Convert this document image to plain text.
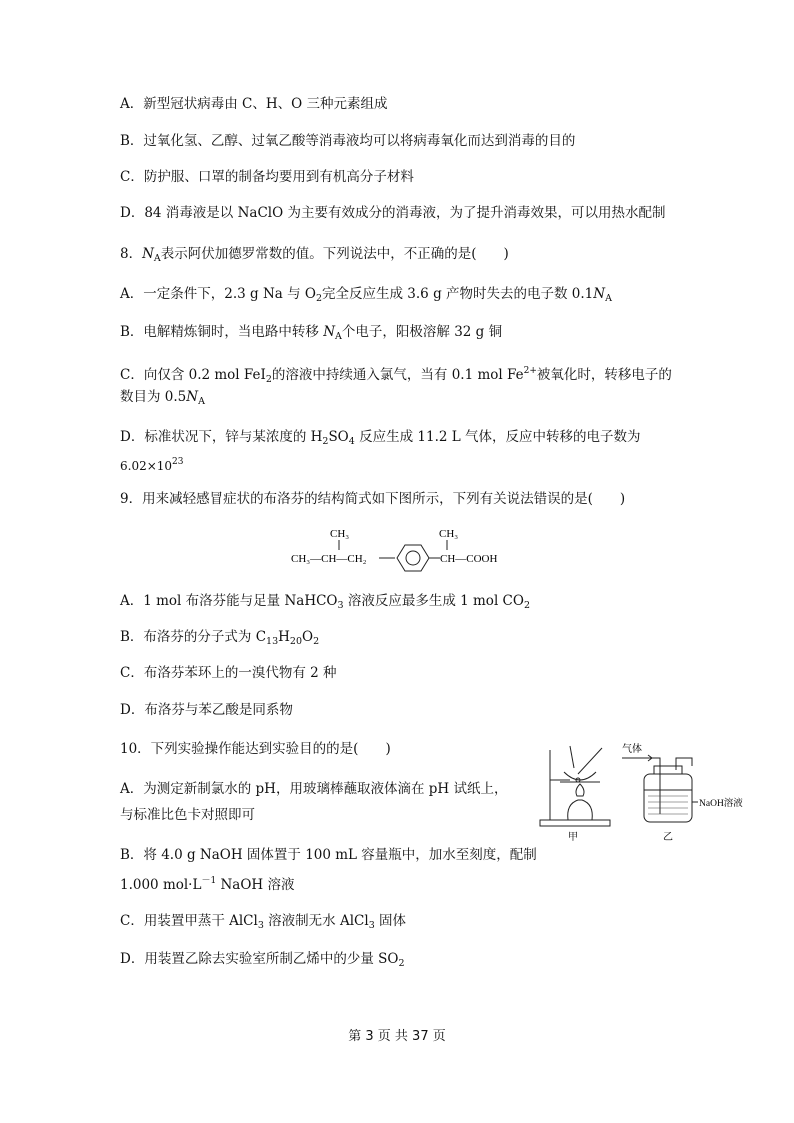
A．新型冠状病毒由 C、H、O 三种元素组成
B．过氧化氢、乙醇、过氧乙酸等消毒液均可以将病毒氧化而达到消毒的目的
C．防护服、口罩的制备均要用到有机高分子材料
D．84 消毒液是以 NaClO 为主要有效成分的消毒液，为了提升消毒效果，可以用热水配制
8．$N_A$表示阿伏加德罗常数的值。下列说法中，不正确的是(　　)
A．一定条件下，2.3 g Na 与 $O_2$完全反应生成 3.6 g 产物时失去的电子数 $0.1N_A$
B．电解精炼铜时，当电路中转移 $N_A$个电子，阳极溶解 32 g 铜
C．向仅含 0.2 mol FeI$_2$的溶液中持续通入氯气，当有 0.1 mol $Fe^{2+}$被氧化时，转移电子的
数目为 $0.5N_A$
D．标准状况下，锌与某浓度的 $H_2SO_4$ 反应生成 11.2 L 气体，反应中转移的电子数为
$6.02\times 10^{23}$
9．用来减轻感冒症状的布洛芬的结构简式如下图所示，下列有关说法错误的是(　　)
CH₃
CH₃—CH—CH₂
CH₃
CH—COOH
A．1 mol 布洛芬能与足量 NaHCO$_3$ 溶液反应最多生成 1 mol $CO_2$
B．布洛芬的分子式为 $C_{13}H_{20}O_2$
C．布洛芬苯环上的一溴代物有 2 种
D．布洛芬与苯乙酸是同系物
10．下列实验操作能达到实验目的的是(　　)
A．为测定新制氯水的 pH，用玻璃棒蘸取液体滴在 pH 试纸上，
与标准比色卡对照即可
B．将 4.0 g NaOH 固体置于 100 mL 容量瓶中，加水至刻度，配制
1.000 $mol\cdot L^{-1}$ NaOH 溶液
C．用装置甲蒸干 AlCl$_3$ 溶液制无水 AlCl$_3$ 固体
D．用装置乙除去实验室所制乙烯中的少量 $SO_2$
甲
气体
NaOH溶液
乙
第 3 页 共 37 页
